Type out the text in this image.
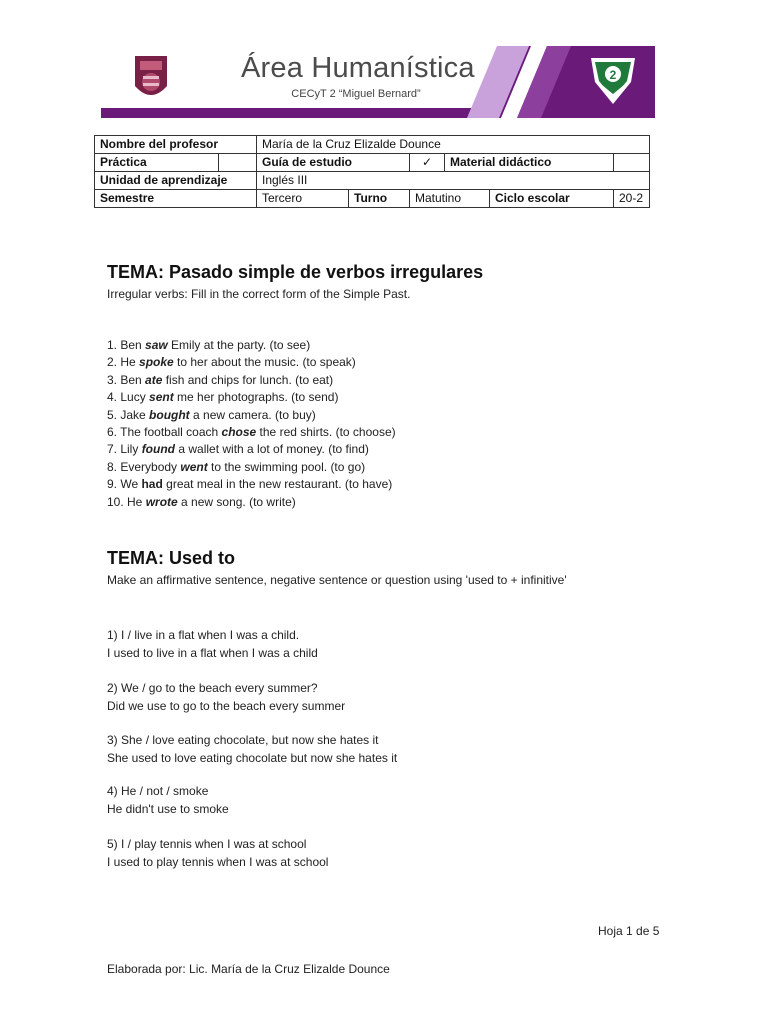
Área Humanística
CECyT 2 “Miguel Bernard”
2
Nombre del profesor		María de la Cruz Elizalde Dounce					
Práctica		Guía de estudio		✓	Material didáctico		
Unidad de aprendizaje		Inglés III					
Semestre		Tercero	Turno	Matutino		Ciclo escolar	20-2
TEMA: Pasado simple de verbos irregulares
Irregular verbs: Fill in the correct form of the Simple Past.
1. Ben saw Emily at the party. (to see)
2. He spoke to her about the music. (to speak)
3. Ben ate fish and chips for lunch. (to eat)
4. Lucy sent me her photographs. (to send)
5. Jake bought a new camera. (to buy)
6. The football coach chose the red shirts. (to choose)
7. Lily found a wallet with a lot of money. (to find)
8. Everybody went to the swimming pool. (to go)
9. We had great meal in the new restaurant. (to have)
10. He wrote a new song. (to write)
TEMA: Used to
Make an affirmative sentence, negative sentence or question using 'used to + infinitive'
1) I / live in a flat when I was a child.
I used to live in a flat when I was a child
2) We / go to the beach every summer?
Did we use to go to the beach every summer
3) She / love eating chocolate, but now she hates it
She used to love eating chocolate but now she hates it
4) He / not / smoke
He didn't use to smoke
5) I / play tennis when I was at school
I used to play tennis when I was at school
Hoja 1 de 5
Elaborada por: Lic. María de la Cruz Elizalde Dounce
